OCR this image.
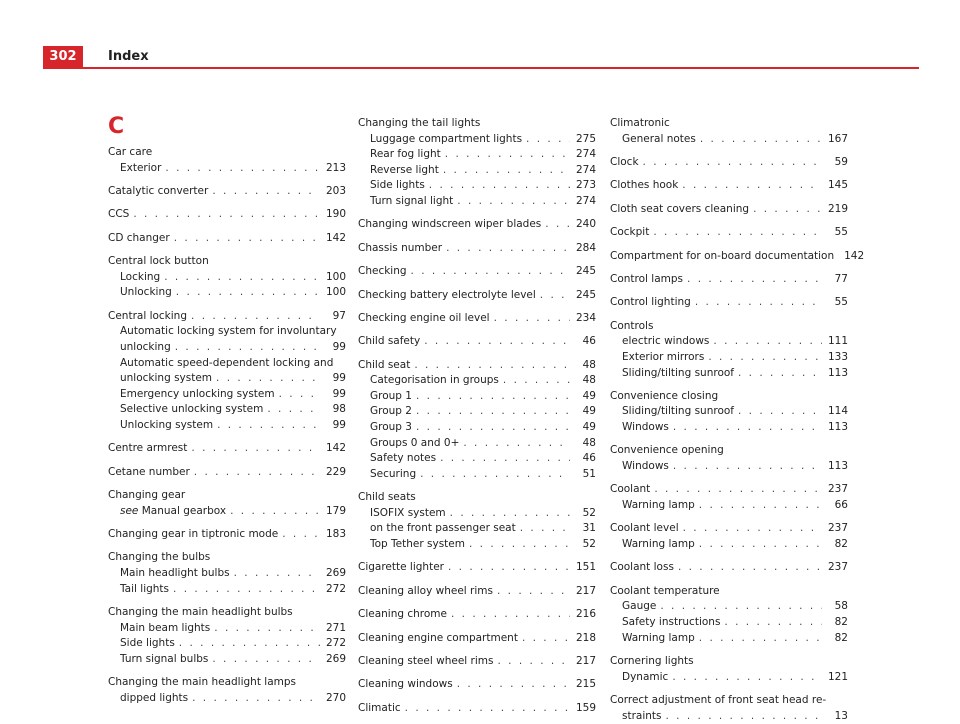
302	Index
C
Car care
Exterior . . .	213
Catalytic converter . . .	203
CCS . . .	190
CD changer . . .	142
Central lock button
Locking . . .	100
Unlocking . . .	100
Central locking . . .	97
Automatic locking system for involuntary
unlocking . . .	99
Automatic speed-dependent locking and
unlocking system . . .	99
Emergency unlocking system . . .	99
Selective unlocking system . . .	98
Unlocking system . . .	99
Centre armrest . . .	142
Cetane number . . .	229
Changing gear
see Manual gearbox . . .	179
Changing gear in tiptronic mode . . .	183
Changing the bulbs
Main headlight bulbs . . .	269
Tail lights . . .	272
Changing the main headlight bulbs
Main beam lights . . .	271
Side lights . . .	272
Turn signal bulbs . . .	269
Changing the main headlight lamps
dipped lights . . .	270
Changing the tail lights
Luggage compartment lights . . .	275
Rear fog light . . .	274
Reverse light . . .	274
Side lights . . .	273
Turn signal light . . .	274
Changing windscreen wiper blades . . .	240
Chassis number . . .	284
Checking . . .	245
Checking battery electrolyte level . . .	245
Checking engine oil level . . .	234
Child safety . . .	46
Child seat . . .	48
Categorisation in groups . . .	48
Group 1 . . .	49
Group 2 . . .	49
Group 3 . . .	49
Groups 0 and 0+ . . .	48
Safety notes . . .	46
Securing . . .	51
Child seats
ISOFIX system . . .	52
on the front passenger seat . . .	31
Top Tether system . . .	52
Cigarette lighter . . .	151
Cleaning alloy wheel rims . . .	217
Cleaning chrome . . .	216
Cleaning engine compartment . . .	218
Cleaning steel wheel rims . . .	217
Cleaning windows . . .	215
Climatic . . .	159
Climatronic
General notes . . .	167
Clock . . .	59
Clothes hook . . .	145
Cloth seat covers cleaning . . .	219
Cockpit . . .	55
Compartment for on-board documentation 142
Control lamps . . .	77
Control lighting . . .	55
Controls
electric windows . . .	111
Exterior mirrors . . .	133
Sliding/tilting sunroof . . .	113
Convenience closing
Sliding/tilting sunroof . . .	114
Windows . . .	113
Convenience opening
Windows . . .	113
Coolant . . .	237
Warning lamp . . .	66
Coolant level . . .	237
Warning lamp . . .	82
Coolant loss . . .	237
Coolant temperature
Gauge . . .	58
Safety instructions . . .	82
Warning lamp . . .	82
Cornering lights
Dynamic . . .	121
Correct adjustment of front seat head re-
straints . . .	13
